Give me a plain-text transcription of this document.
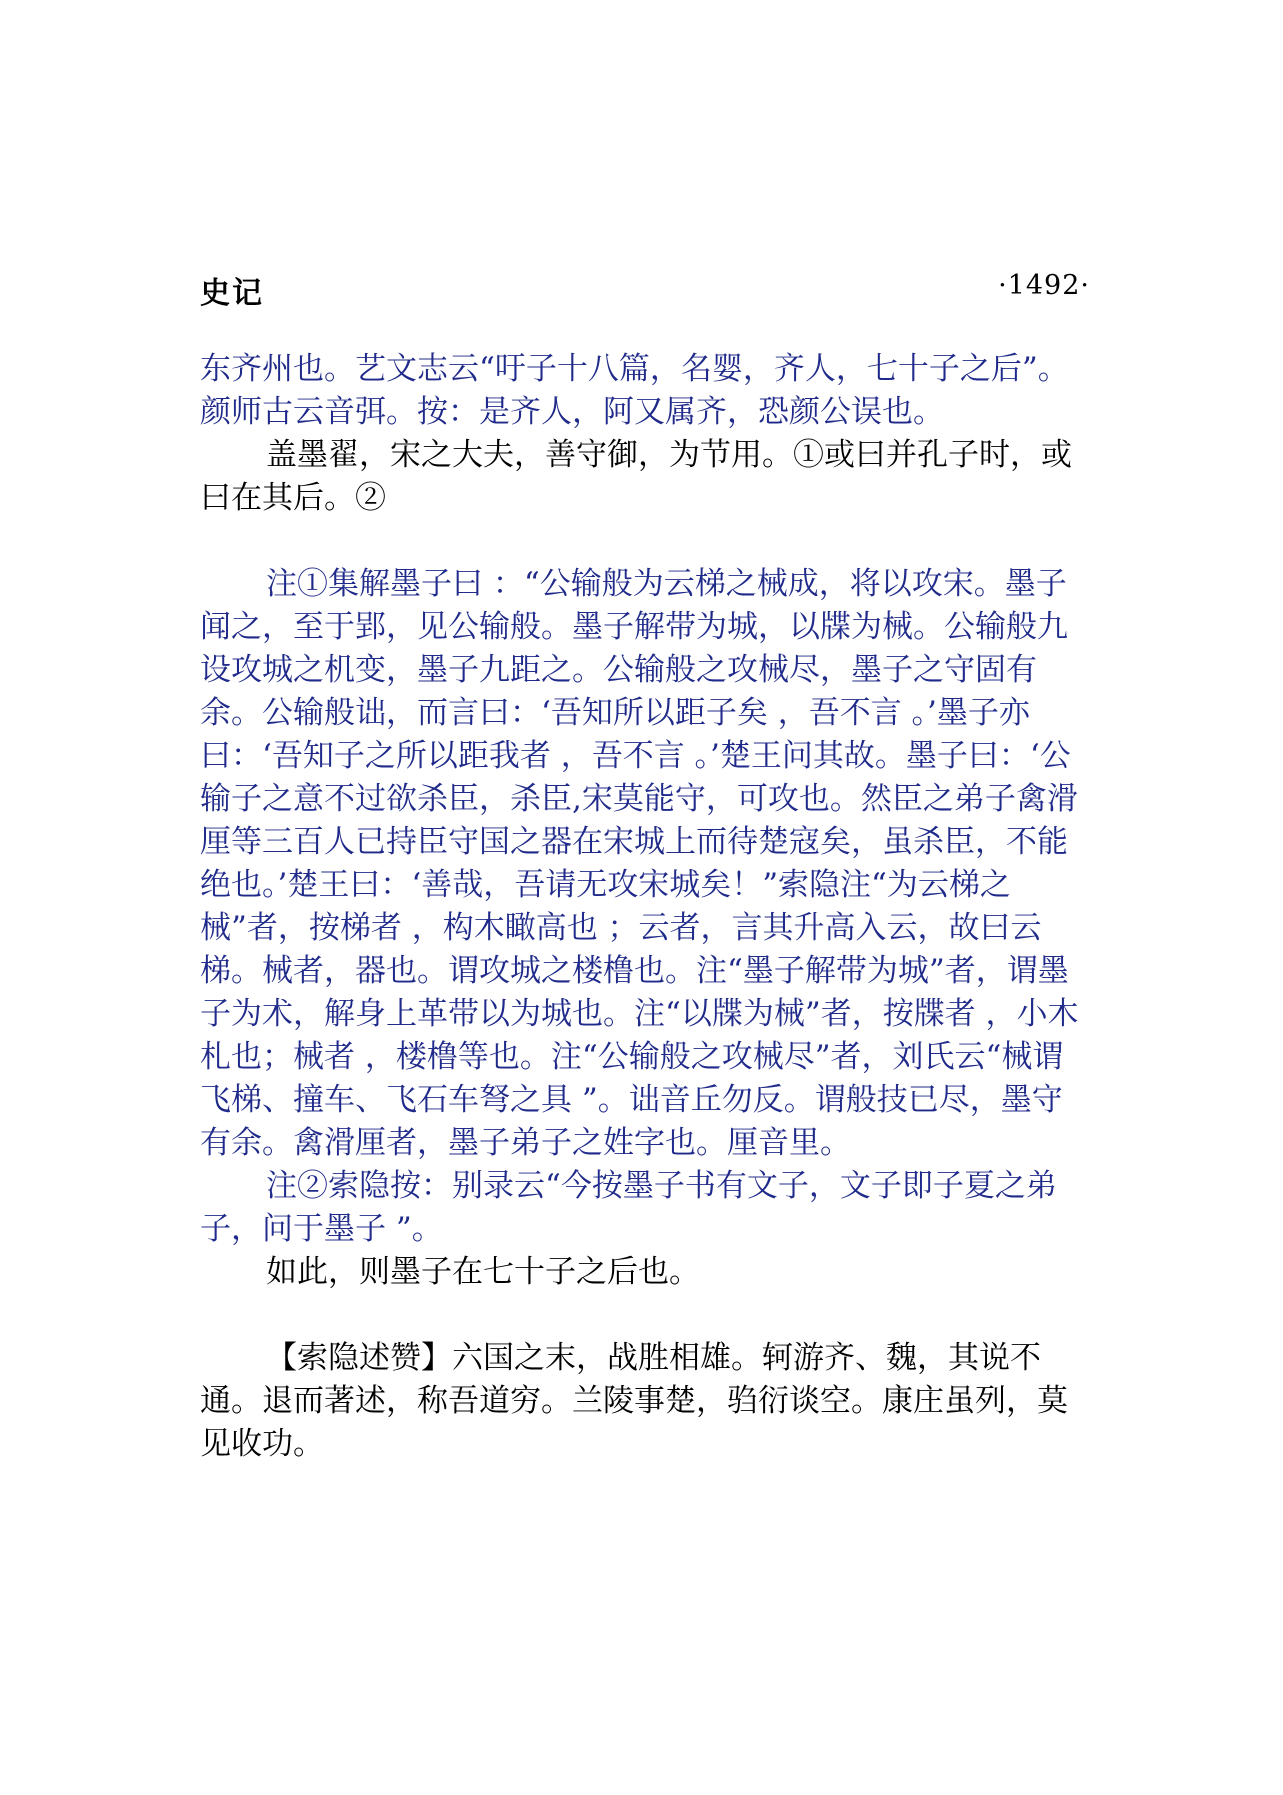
史记	·1492·

东齐州也。艺文志云“吁子十八篇，名婴，齐人，七十子之后”。颜师古云音弭。按：是齐人，阿又属齐，恐颜公误也。

盖墨翟，宋之大夫，善守御，为节用。①或曰并孔子时，或曰在其后。②

注①集解墨子曰 ：“公输般为云梯之械成，将以攻宋。墨子闻之，至于郢，见公输般。墨子解带为城，以牒为械。公输般九设攻城之机变，墨子九距之。公输般之攻械尽，墨子之守固有余。公输般诎，而言曰：‘吾知所以距子矣 ，吾不言 。’墨子亦曰：‘吾知子之所以距我者 ，吾不言 。’楚王问其故。墨子曰：‘公输子之意不过欲杀臣，杀臣,宋莫能守，可攻也。然臣之弟子禽滑厘等三百人已持臣守国之器在宋城上而待楚寇矣，虽杀臣，不能绝也。’楚王曰：‘善哉，吾请无攻宋城矣！”索隐注“为云梯之械”者，按梯者 ，构木瞰高也 ；云者，言其升高入云，故曰云梯。械者，器也。谓攻城之楼橹也。注“墨子解带为城”者，谓墨子为术，解身上革带以为城也。注“以牒为械”者，按牒者 ，小木札也；械者 ，楼橹等也。注“公输般之攻械尽”者，刘氏云“械谓飞梯、撞车、飞石车弩之具 ”。诎音丘勿反。谓般技已尽，墨守有余。禽滑厘者，墨子弟子之姓字也。厘音里。

注②索隐按：别录云“今按墨子书有文子，文子即子夏之弟子，问于墨子 ”。

如此，则墨子在七十子之后也。

【索隐述赞】六国之末，战胜相雄。轲游齐、魏，其说不通。退而著述，称吾道穷。兰陵事楚，驺衍谈空。康庄虽列，莫见收功。
